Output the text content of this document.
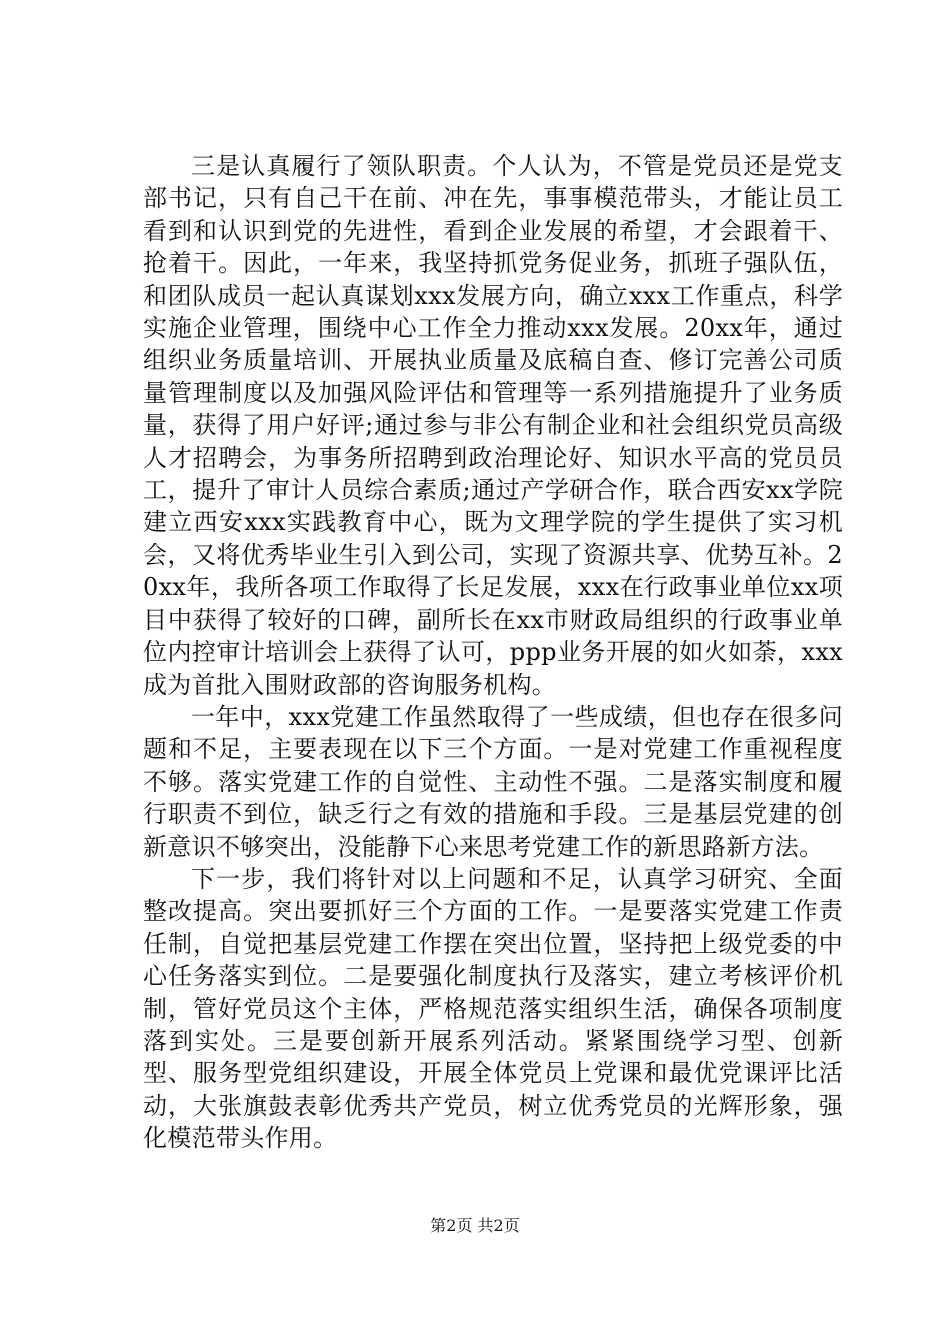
三是认真履行了领队职责。个人认为，不管是党员还是党支部书记，只有自己干在前、冲在先，事事模范带头，才能让员工看到和认识到党的先进性，看到企业发展的希望，才会跟着干、抢着干。因此，一年来，我坚持抓党务促业务，抓班子强队伍，和团队成员一起认真谋划xxx发展方向，确立xxx工作重点，科学实施企业管理，围绕中心工作全力推动xxx发展。20xx年，通过组织业务质量培训、开展执业质量及底稿自查、修订完善公司质量管理制度以及加强风险评估和管理等一系列措施提升了业务质量，获得了用户好评;通过参与非公有制企业和社会组织党员高级人才招聘会，为事务所招聘到政治理论好、知识水平高的党员员工，提升了审计人员综合素质;通过产学研合作，联合西安xx学院建立西安xxx实践教育中心，既为文理学院的学生提供了实习机会，又将优秀毕业生引入到公司，实现了资源共享、优势互补。20xx年，我所各项工作取得了长足发展，xxx在行政事业单位xx项目中获得了较好的口碑，副所长在xx市财政局组织的行政事业单位内控审计培训会上获得了认可，ppp业务开展的如火如荼，xxx成为首批入围财政部的咨询服务机构。

一年中，xxx党建工作虽然取得了一些成绩，但也存在很多问题和不足，主要表现在以下三个方面。一是对党建工作重视程度不够。落实党建工作的自觉性、主动性不强。二是落实制度和履行职责不到位，缺乏行之有效的措施和手段。三是基层党建的创新意识不够突出，没能静下心来思考党建工作的新思路新方法。

下一步，我们将针对以上问题和不足，认真学习研究、全面整改提高。突出要抓好三个方面的工作。一是要落实党建工作责任制，自觉把基层党建工作摆在突出位置，坚持把上级党委的中心任务落实到位。二是要强化制度执行及落实，建立考核评价机制，管好党员这个主体，严格规范落实组织生活，确保各项制度落到实处。三是要创新开展系列活动。紧紧围绕学习型、创新型、服务型党组织建设，开展全体党员上党课和最优党课评比活动，大张旗鼓表彰优秀共产党员，树立优秀党员的光辉形象，强化模范带头作用。

第2页 共2页
